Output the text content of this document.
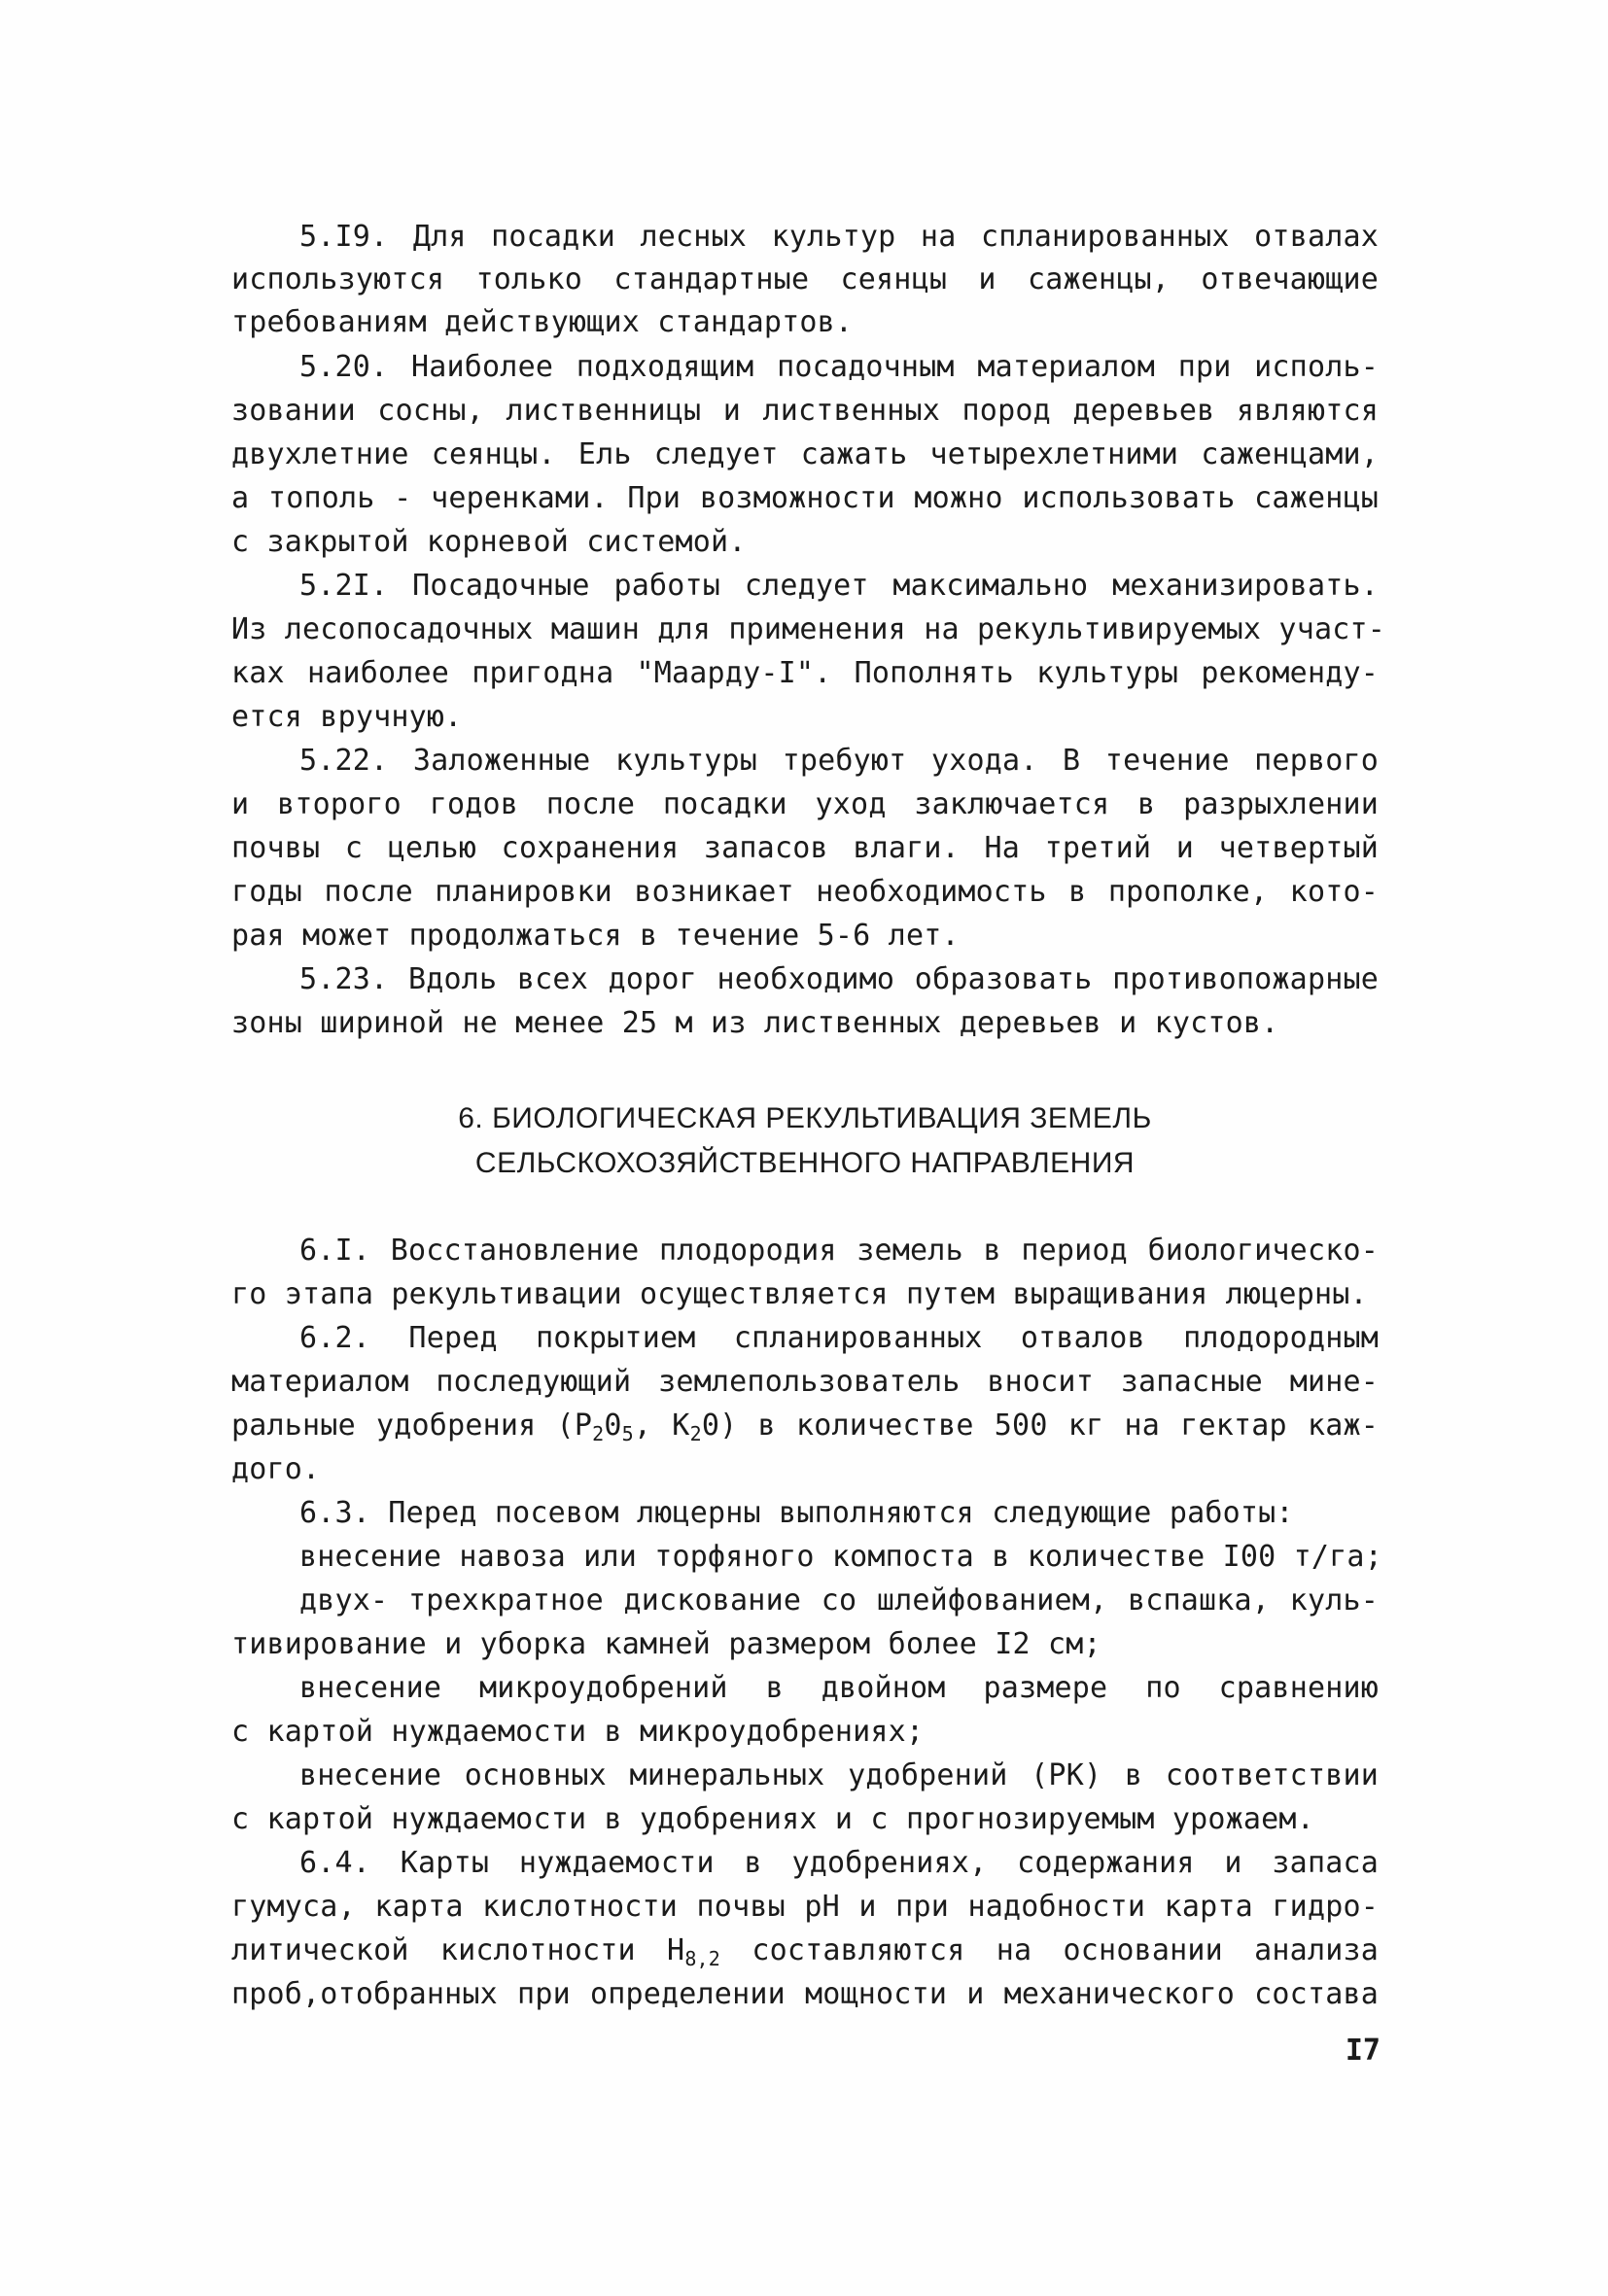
5.I9. Для посадки лесных культур на спланированных отвалах
используются только стандартные сеянцы и саженцы, отвечающие
требованиям действующих стандартов.
5.20. Наиболее подходящим посадочным материалом при исполь-
зовании сосны, лиственницы и лиственных пород деревьев являются
двухлетние сеянцы. Ель следует сажать четырехлетними саженцами,
а тополь - черенками. При возможности можно использовать саженцы
с закрытой корневой системой.
5.2I. Посадочные работы следует максимально механизировать.
Из лесопосадочных машин для применения на рекультивируемых участ-
ках наиболее пригодна "Маарду-I". Пополнять культуры рекоменду-
ется вручную.
5.22. Заложенные культуры требуют ухода. В течение первого
и второго годов после посадки уход заключается в разрыхлении
почвы с целью сохранения запасов влаги. На третий и четвертый
годы после планировки возникает необходимость в прополке, кото-
рая может продолжаться в течение 5-6 лет.
5.23. Вдоль всех дорог необходимо образовать противопожарные
зоны шириной не менее 25 м из лиственных деревьев и кустов.
6. БИОЛОГИЧЕСКАЯ РЕКУЛЬТИВАЦИЯ ЗЕМЕЛЬ
СЕЛЬСКОХОЗЯЙСТВЕННОГО НАПРАВЛЕНИЯ
6.I. Восстановление плодородия земель в период биологическо-
го этапа рекультивации осуществляется путем выращивания люцерны.
6.2. Перед покрытием спланированных отвалов плодородным
материалом последующий землепользователь вносит запасные мине-
ральные удобрения ($Р_20_5$, $К_20$) в количестве 500 кг на гектар каж-
дого.
6.3. Перед посевом люцерны выполняются следующие работы:
внесение навоза или торфяного компоста в количестве I00 т/га;
двух- трехкратное дискование со шлейфованием, вспашка, куль-
тивирование и уборка камней размером более I2 см;
внесение микроудобрений в двойном размере по сравнению
с картой нуждаемости в микроудобрениях;
внесение основных минеральных удобрений (РК) в соответствии
с картой нуждаемости в удобрениях и с прогнозируемым урожаем.
6.4. Карты нуждаемости в удобрениях, содержания и запаса
гумуса, карта кислотности почвы pH и при надобности карта гидро-
литической кислотности $Н_{8,2}$ составляются на основании анализа
проб,отобранных при определении мощности и механического состава
I7
